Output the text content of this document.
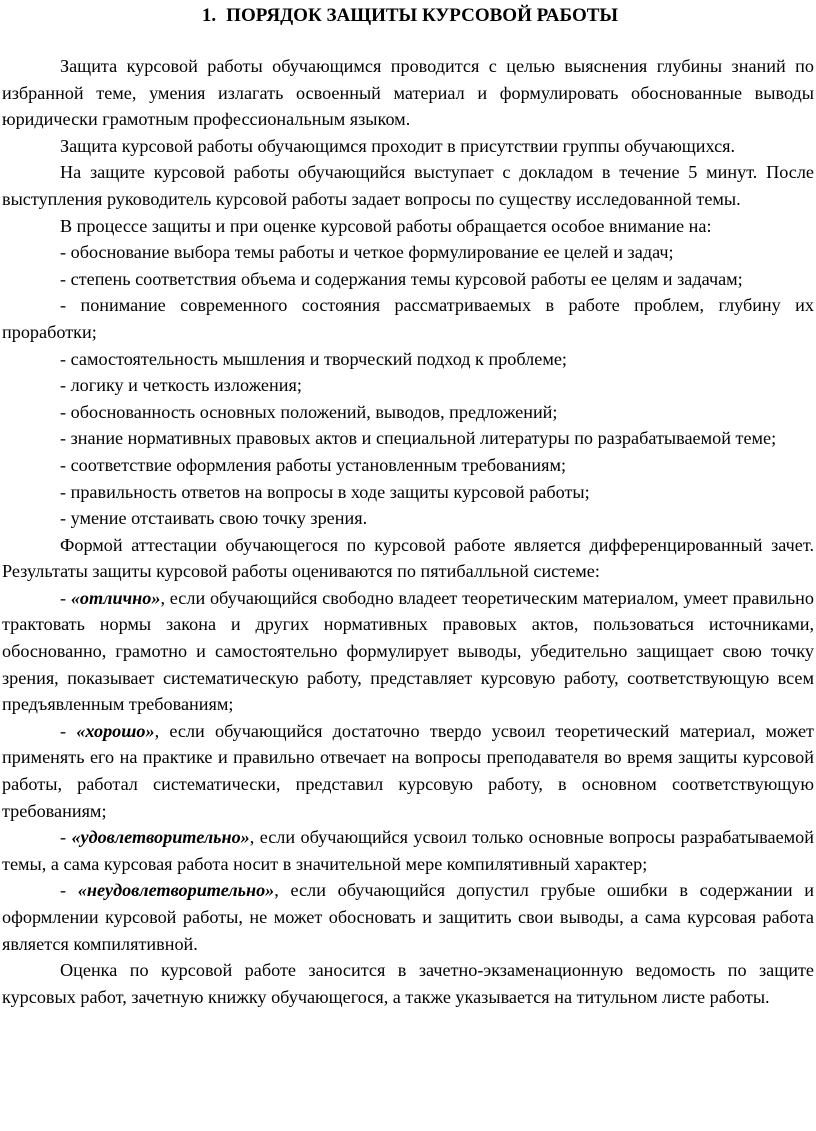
1. ПОРЯДОК ЗАЩИТЫ КУРСОВОЙ РАБОТЫ

Защита курсовой работы обучающимся проводится с целью выяснения глубины знаний по избранной теме, умения излагать освоенный материал и формулировать обоснованные выводы юридически грамотным профессиональным языком.

Защита курсовой работы обучающимся проходит в присутствии группы обучающихся.

На защите курсовой работы обучающийся выступает с докладом в течение 5 минут. После выступления руководитель курсовой работы задает вопросы по существу исследованной темы.

В процессе защиты и при оценке курсовой работы обращается особое внимание на:

- обоснование выбора темы работы и четкое формулирование ее целей и задач;

- степень соответствия объема и содержания темы курсовой работы ее целям и задачам;

- понимание современного состояния рассматриваемых в работе проблем, глубину их проработки;

- самостоятельность мышления и творческий подход к проблеме;

- логику и четкость изложения;

- обоснованность основных положений, выводов, предложений;

- знание нормативных правовых актов и специальной литературы по разрабатываемой теме;

- соответствие оформления работы установленным требованиям;

- правильность ответов на вопросы в ходе защиты курсовой работы;

- умение отстаивать свою точку зрения.

Формой аттестации обучающегося по курсовой работе является дифференцированный зачет. Результаты защиты курсовой работы оцениваются по пятибалльной системе:

- «отлично», если обучающийся свободно владеет теоретическим материалом, умеет правильно трактовать нормы закона и других нормативных правовых актов, пользоваться источниками, обоснованно, грамотно и самостоятельно формулирует выводы, убедительно защищает свою точку зрения, показывает систематическую работу, представляет курсовую работу, соответствующую всем предъявленным требованиям;

- «хорошо», если обучающийся достаточно твердо усвоил теоретический материал, может применять его на практике и правильно отвечает на вопросы преподавателя во время защиты курсовой работы, работал систематически, представил курсовую работу, в основном соответствующую требованиям;

- «удовлетворительно», если обучающийся усвоил только основные вопросы разрабатываемой темы, а сама курсовая работа носит в значительной мере компилятивный характер;

- «неудовлетворительно», если обучающийся допустил грубые ошибки в содержании и оформлении курсовой работы, не может обосновать и защитить свои выводы, а сама курсовая работа является компилятивной.

Оценка по курсовой работе заносится в зачетно-экзаменационную ведомость по защите курсовых работ, зачетную книжку обучающегося, а также указывается на титульном листе работы.
